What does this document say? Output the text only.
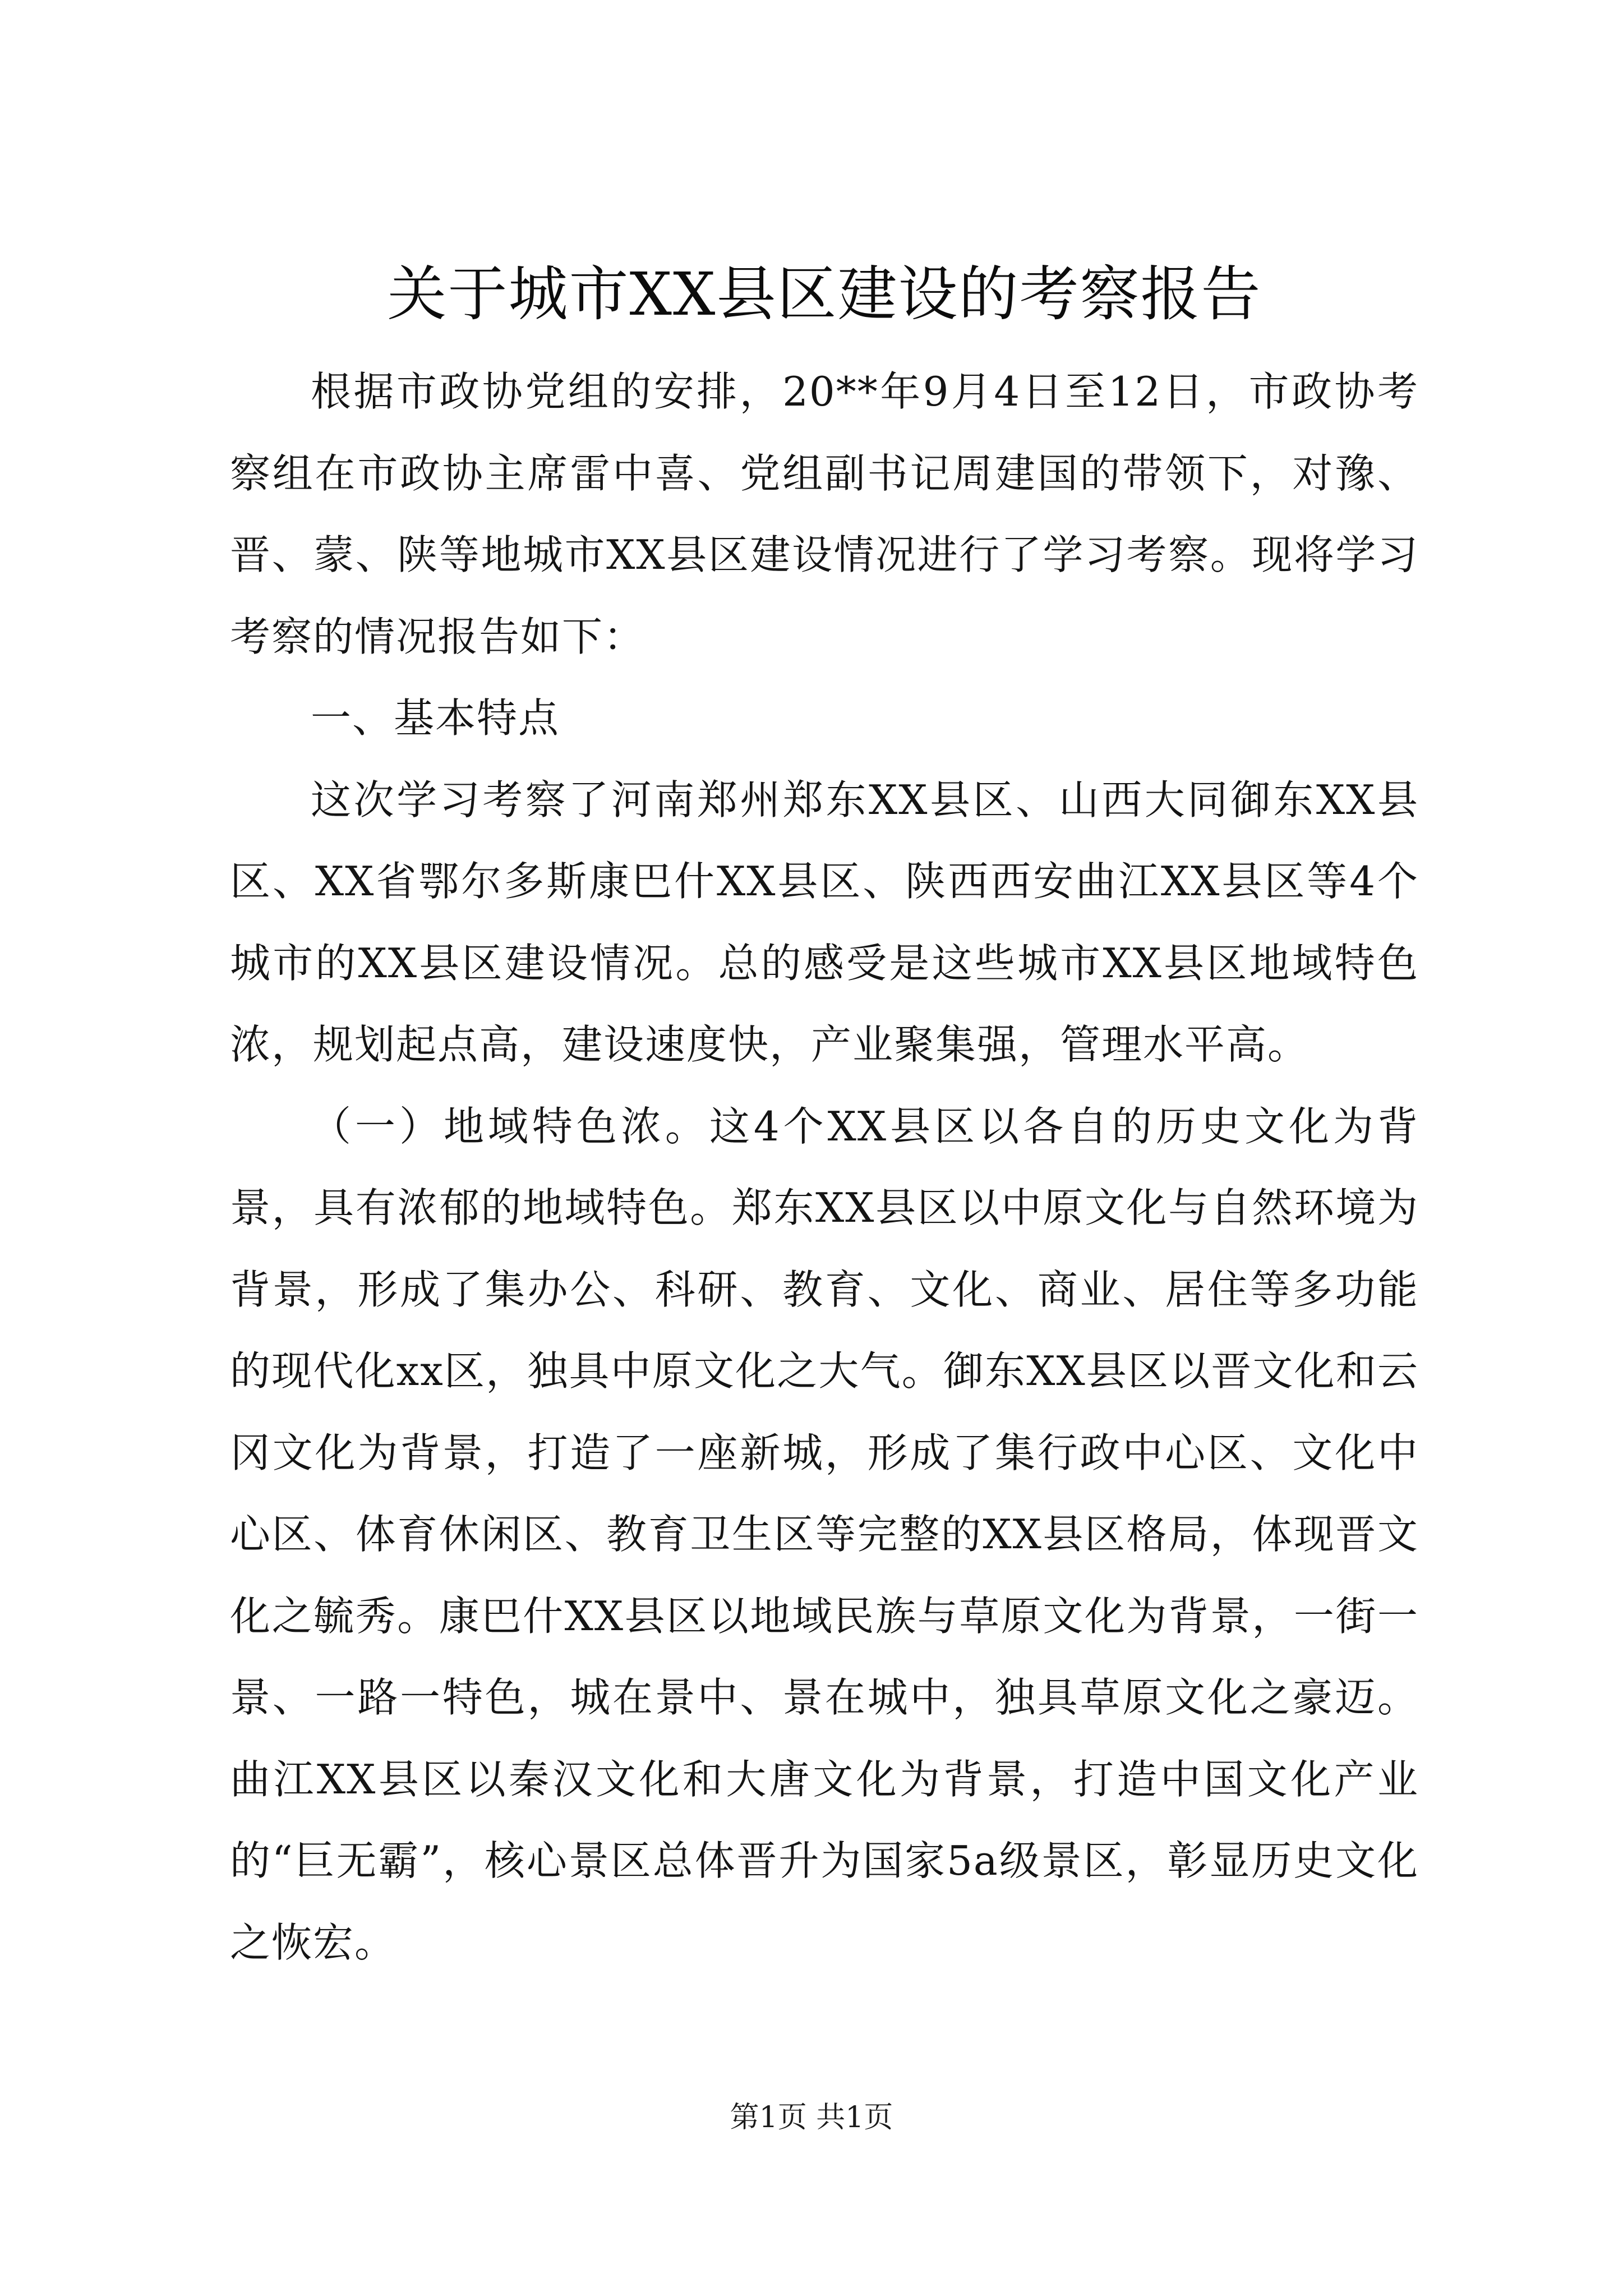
关于城市XX县区建设的考察报告

根据市政协党组的安排，20**年9月4日至12日，市政协考察组在市政协主席雷中喜、党组副书记周建国的带领下，对豫、晋、蒙、陕等地城市XX县区建设情况进行了学习考察。现将学习考察的情况报告如下：

一、基本特点

这次学习考察了河南郑州郑东XX县区、山西大同御东XX县区、XX省鄂尔多斯康巴什XX县区、陕西西安曲江XX县区等4个城市的XX县区建设情况。总的感受是这些城市XX县区地域特色浓，规划起点高，建设速度快，产业聚集强，管理水平高。

（一）地域特色浓。这4个XX县区以各自的历史文化为背景，具有浓郁的地域特色。郑东XX县区以中原文化与自然环境为背景，形成了集办公、科研、教育、文化、商业、居住等多功能的现代化xx区，独具中原文化之大气。御东XX县区以晋文化和云冈文化为背景，打造了一座新城，形成了集行政中心区、文化中心区、体育休闲区、教育卫生区等完整的XX县区格局，体现晋文化之毓秀。康巴什XX县区以地域民族与草原文化为背景，一街一景、一路一特色，城在景中、景在城中，独具草原文化之豪迈。曲江XX县区以秦汉文化和大唐文化为背景，打造中国文化产业的“巨无霸”，核心景区总体晋升为国家5a级景区，彰显历史文化之恢宏。

第1页 共1页
